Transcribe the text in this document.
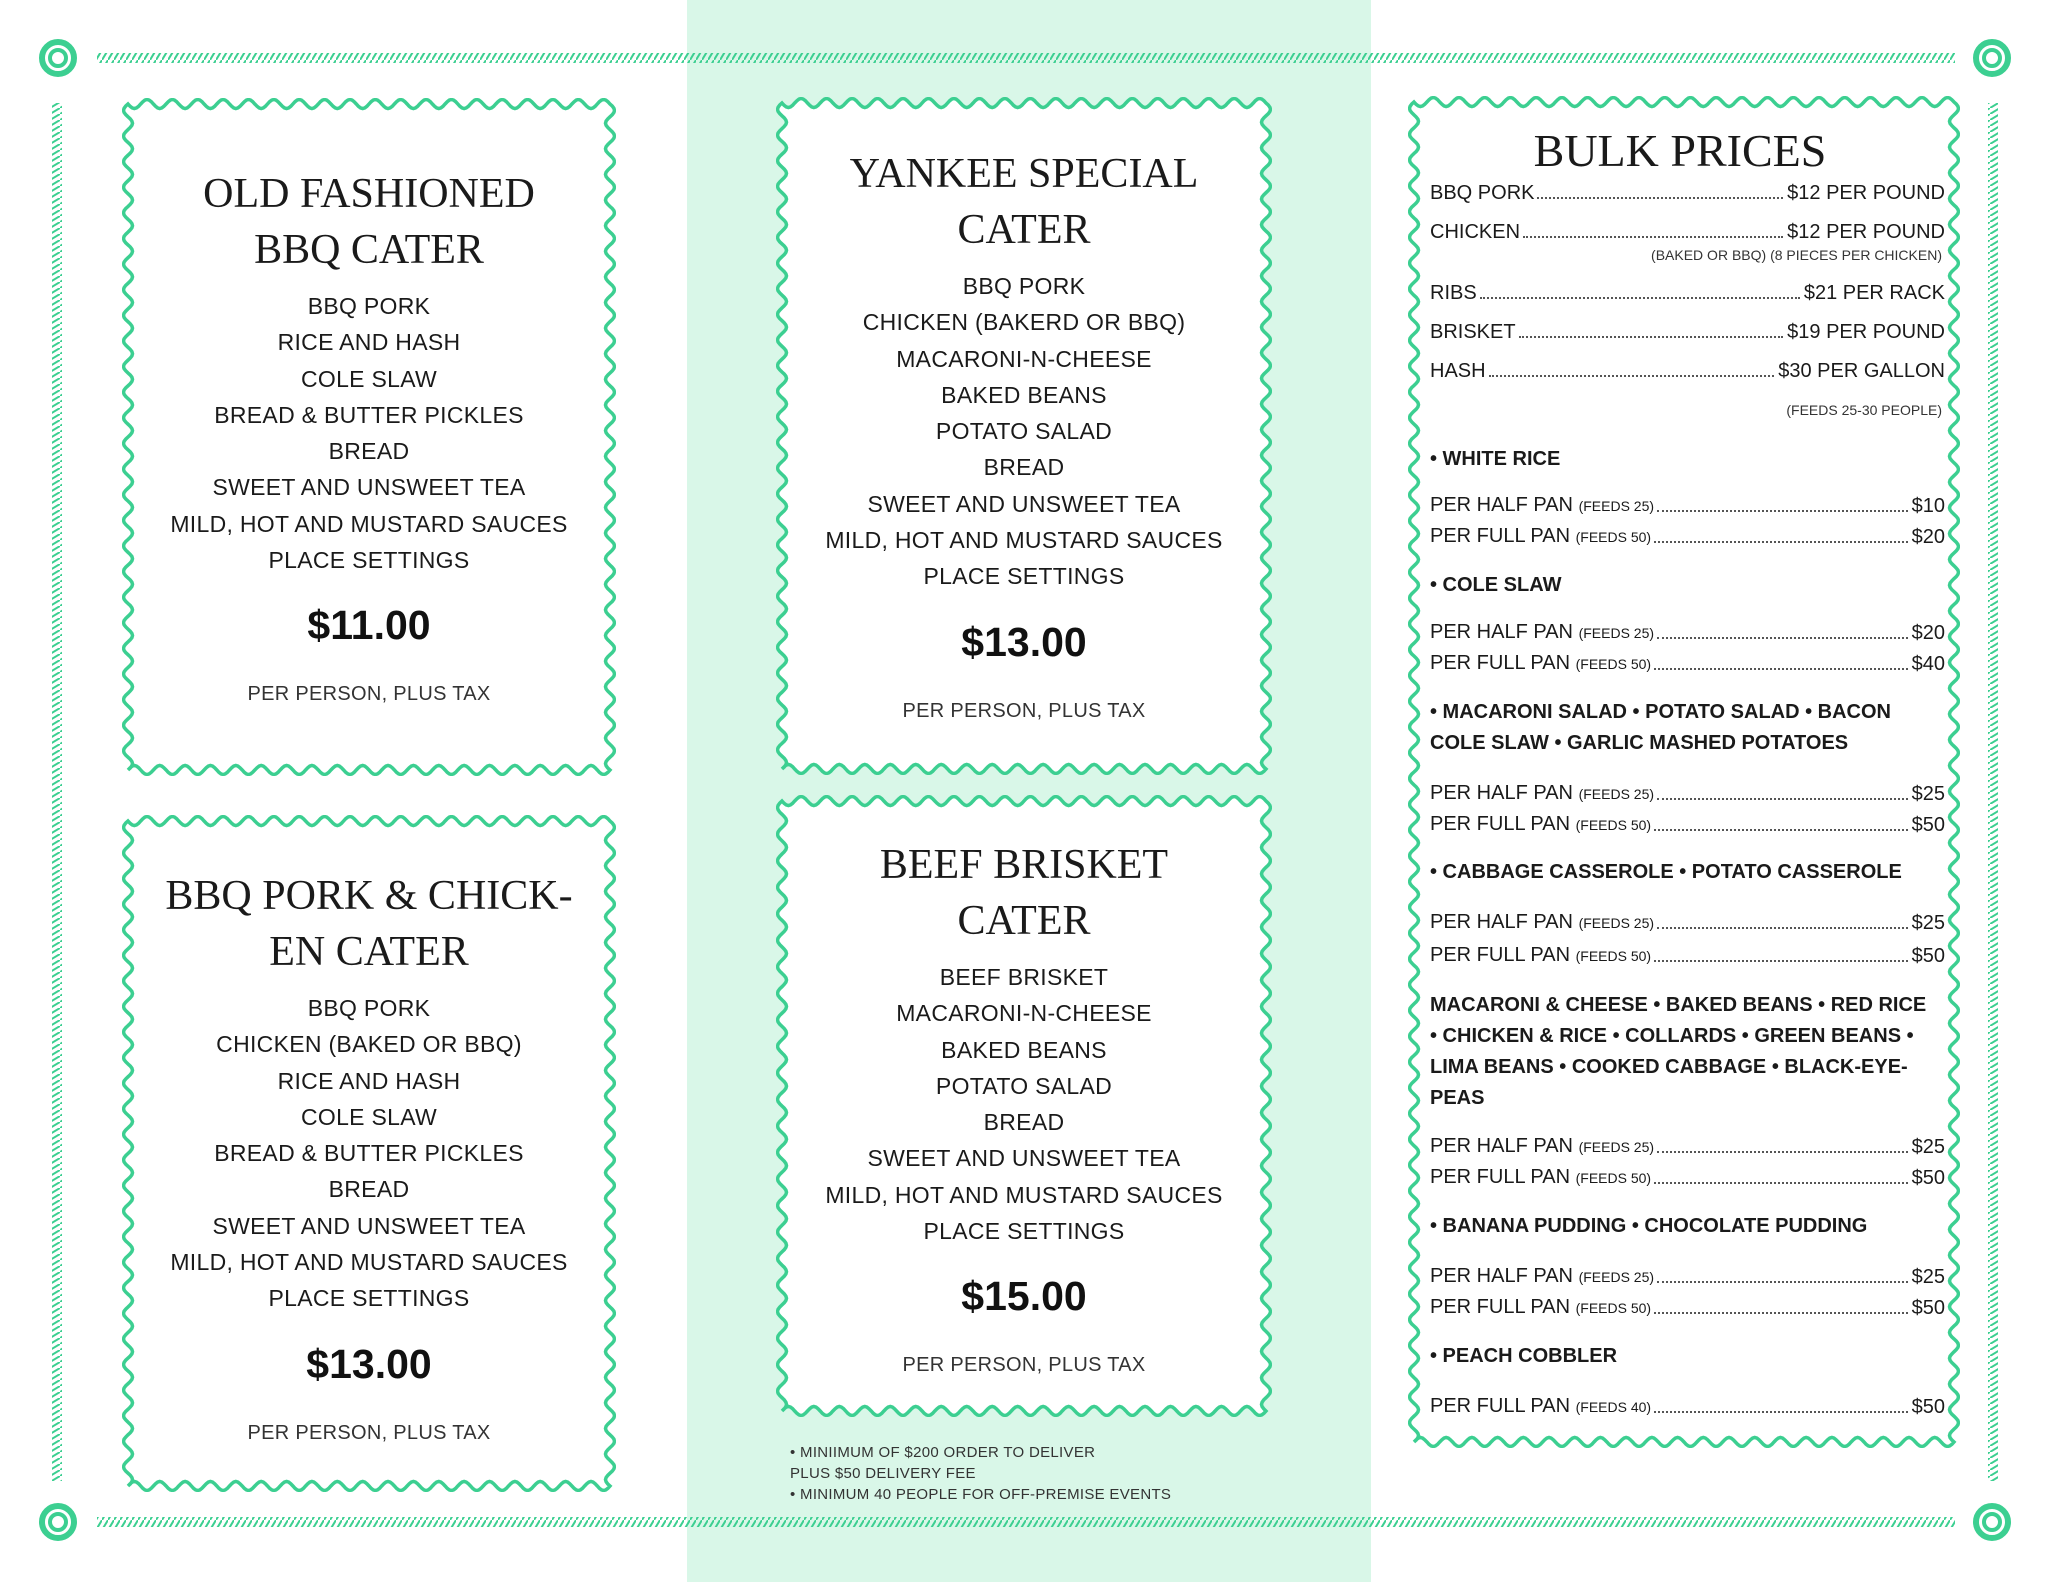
OLD FASHIONED
BBQ CATER
BBQ PORK
RICE AND HASH
COLE SLAW
BREAD & BUTTER PICKLES
BREAD
SWEET AND UNSWEET TEA
MILD, HOT AND MUSTARD SAUCES
PLACE SETTINGS
$11.00
PER PERSON, PLUS TAX
BBQ PORK & CHICK-
EN CATER
BBQ PORK
CHICKEN (BAKED OR BBQ)
RICE AND HASH
COLE SLAW
BREAD & BUTTER PICKLES
BREAD
SWEET AND UNSWEET TEA
MILD, HOT AND MUSTARD SAUCES
PLACE SETTINGS
$13.00
PER PERSON, PLUS TAX
YANKEE SPECIAL
CATER
BBQ PORK
CHICKEN (BAKERD OR BBQ)
MACARONI-N-CHEESE
BAKED BEANS
POTATO SALAD
BREAD
SWEET AND UNSWEET TEA
MILD, HOT AND MUSTARD SAUCES
PLACE SETTINGS
$13.00
PER PERSON, PLUS TAX
BEEF BRISKET
CATER
BEEF BRISKET
MACARONI-N-CHEESE
BAKED BEANS
POTATO SALAD
BREAD
SWEET AND UNSWEET TEA
MILD, HOT AND MUSTARD SAUCES
PLACE SETTINGS
$15.00
PER PERSON, PLUS TAX
• MINIIMUM OF $200 ORDER TO DELIVER
PLUS $50 DELIVERY FEE
• MINIMUM 40 PEOPLE FOR OFF-PREMISE EVENTS
BULK PRICES
BBQ PORK	$12 PER POUND
CHICKEN	$12 PER POUND
(BAKED OR BBQ) (8 PIECES PER CHICKEN)
RIBS	$21 PER RACK
BRISKET	$19 PER POUND
HASH	$30 PER GALLON
(FEEDS 25-30 PEOPLE)
• WHITE RICE
PER HALF PAN (FEEDS 25)	$10
PER FULL PAN (FEEDS 50)	$20
• COLE SLAW
PER HALF PAN (FEEDS 25)	$20
PER FULL PAN (FEEDS 50)	$40
• MACARONI SALAD • POTATO SALAD • BACON
COLE SLAW • GARLIC MASHED POTATOES
PER HALF PAN (FEEDS 25)	$25
PER FULL PAN (FEEDS 50)	$50
• CABBAGE CASSEROLE • POTATO CASSEROLE
PER HALF PAN (FEEDS 25)	$25
PER FULL PAN (FEEDS 50)	$50
MACARONI & CHEESE • BAKED BEANS • RED RICE
• CHICKEN & RICE • COLLARDS • GREEN BEANS •
LIMA BEANS • COOKED CABBAGE • BLACK-EYE-
PEAS
PER HALF PAN (FEEDS 25)	$25
PER FULL PAN (FEEDS 50)	$50
• BANANA PUDDING • CHOCOLATE PUDDING
PER HALF PAN (FEEDS 25)	$25
PER FULL PAN (FEEDS 50)	$50
• PEACH COBBLER
PER FULL PAN (FEEDS 40)	$50
